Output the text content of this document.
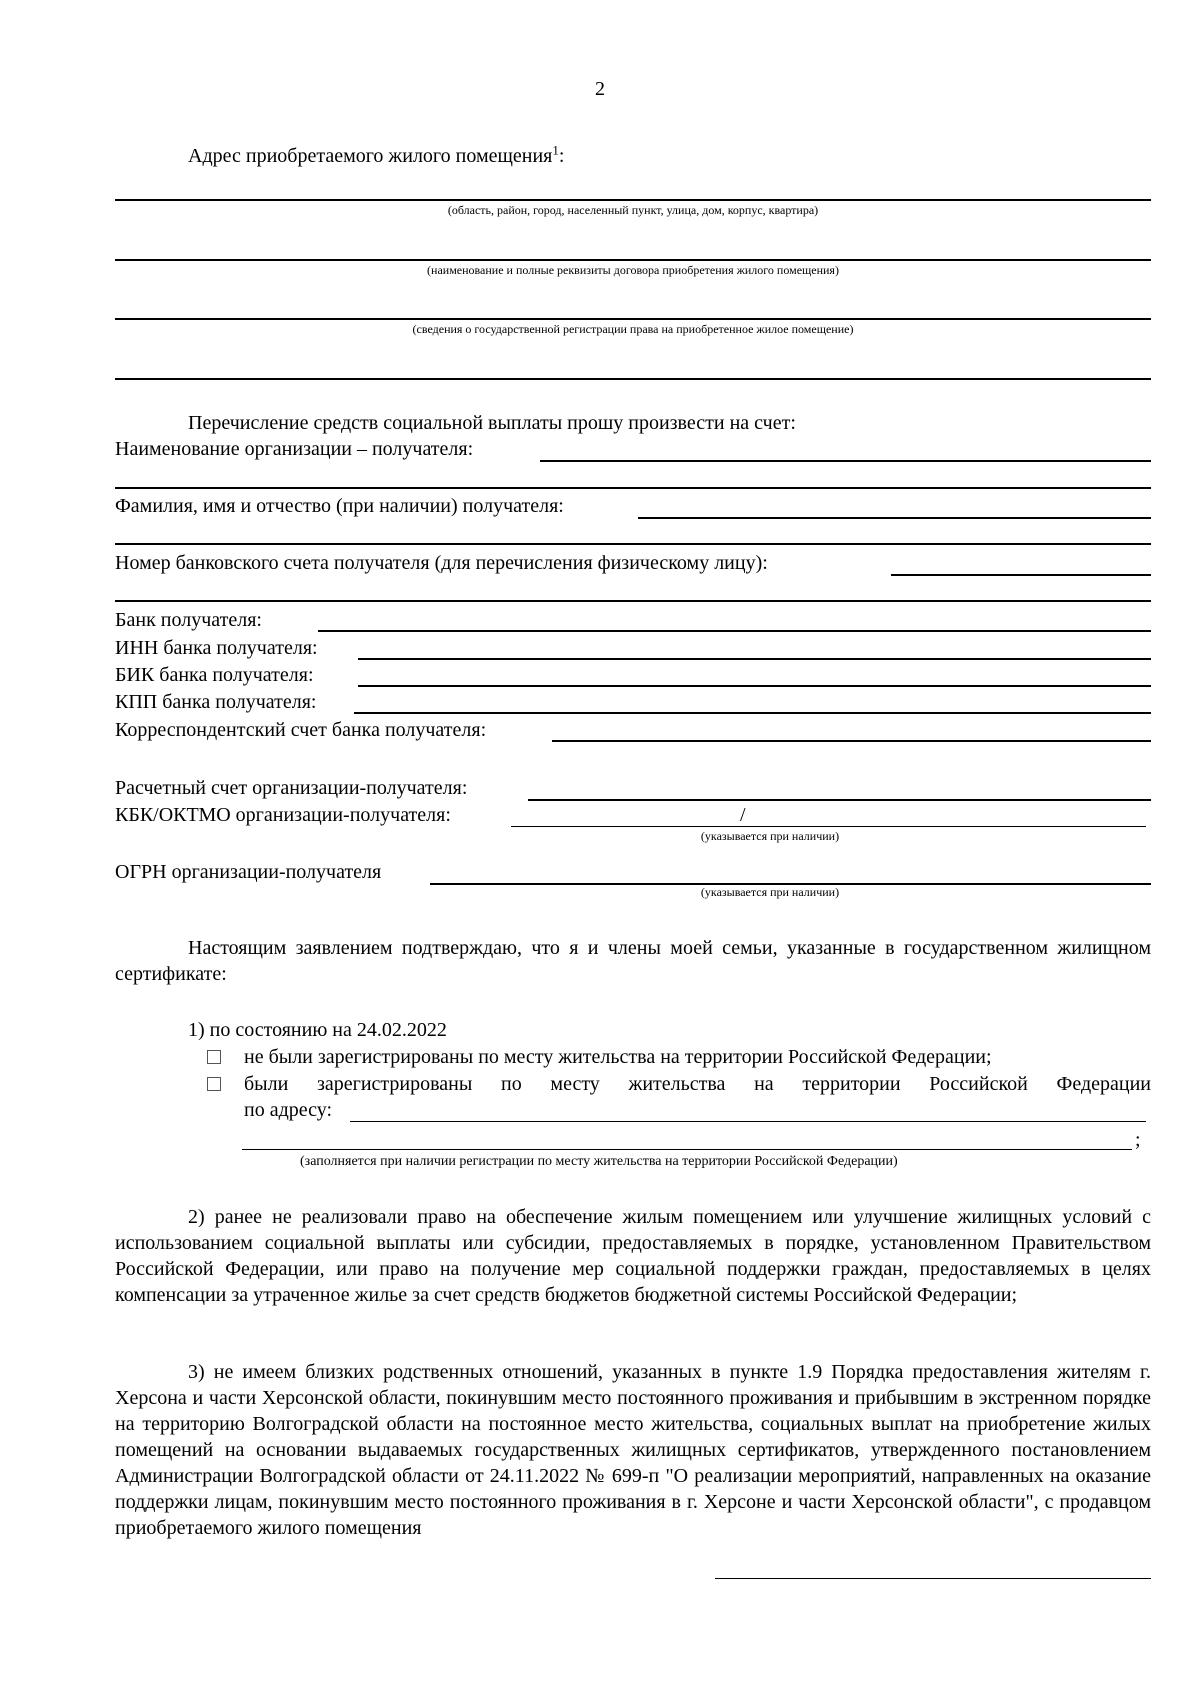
2
Адрес приобретаемого жилого помещения$^1$:
(область, район, город, населенный пункт, улица, дом, корпус, квартира)
(наименование и полные реквизиты договора приобретения жилого помещения)
(сведения о государственной регистрации права на приобретенное жилое помещение)
Перечисление средств социальной выплаты прошу произвести на счет:
Наименование организации – получателя:
Фамилия, имя и отчество (при наличии) получателя:
Номер банковского счета получателя (для перечисления физическому лицу):
Банк получателя:
ИНН банка получателя:
БИК банка получателя:
КПП банка получателя:
Корреспондентский счет банка получателя:
Расчетный счет организации-получателя:
КБК/ОКТМО организации-получателя:	/
(указывается при наличии)
ОГРН организации-получателя
(указывается при наличии)
Настоящим заявлением подтверждаю, что я и члены моей семьи, указанные в государственном жилищном сертификате:
1) по состоянию на 24.02.2022
не были зарегистрированы по месту жительства на территории Российской Федерации;
были зарегистрированы по месту жительства на территории Российской Федерации
по адресу:
;
(заполняется при наличии регистрации по месту жительства на территории Российской Федерации)
2) ранее не реализовали право на обеспечение жилым помещением или улучшение жилищных условий с использованием социальной выплаты или субсидии, предоставляемых в порядке, установленном Правительством Российской Федерации, или право на получение мер социальной поддержки граждан, предоставляемых в целях компенсации за утраченное жилье за счет средств бюджетов бюджетной системы Российской Федерации;
3) не имеем близких родственных отношений, указанных в пункте 1.9 Порядка предоставления жителям г. Херсона и части Херсонской области, покинувшим место постоянного проживания и прибывшим в экстренном порядке на территорию Волгоградской области на постоянное место жительства, социальных выплат на приобретение жилых помещений на основании выдаваемых государственных жилищных сертификатов, утвержденного постановлением Администрации Волгоградской области от 24.11.2022 № 699-п "О реализации мероприятий, направленных на оказание поддержки лицам, покинувшим место постоянного проживания в г. Херсоне и части Херсонской области", с продавцом приобретаемого жилого помещения
